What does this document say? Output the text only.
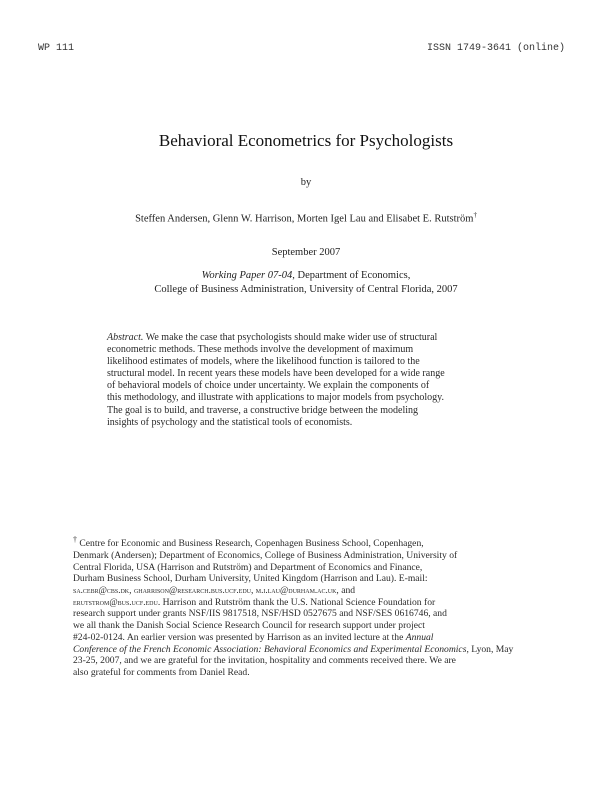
WP 111	ISSN 1749-3641 (online)
Behavioral Econometrics for Psychologists
by
Steffen Andersen, Glenn W. Harrison, Morten Igel Lau and Elisabet E. Rutström†
September 2007
Working Paper 07-04, Department of Economics,
College of Business Administration, University of Central Florida, 2007
Abstract. We make the case that psychologists should make wider use of structural
econometric methods. These methods involve the development of maximum
likelihood estimates of models, where the likelihood function is tailored to the
structural model. In recent years these models have been developed for a wide range
of behavioral models of choice under uncertainty. We explain the components of
this methodology, and illustrate with applications to major models from psychology.
The goal is to build, and traverse, a constructive bridge between the modeling
insights of psychology and the statistical tools of economists.
† Centre for Economic and Business Research, Copenhagen Business School, Copenhagen,
Denmark (Andersen); Department of Economics, College of Business Administration, University of
Central Florida, USA (Harrison and Rutström) and Department of Economics and Finance,
Durham Business School, Durham University, United Kingdom (Harrison and Lau). E-mail:
sa.cebr@cbs.dk, gharrison@research.bus.ucf.edu, m.i.lau@durham.ac.uk, and
erutstrom@bus.ucf.edu. Harrison and Rutström thank the U.S. National Science Foundation for
research support under grants NSF/IIS 9817518, NSF/HSD 0527675 and NSF/SES 0616746, and
we all thank the Danish Social Science Research Council for research support under project
#24-02-0124. An earlier version was presented by Harrison as an invited lecture at the Annual
Conference of the French Economic Association: Behavioral Economics and Experimental Economics, Lyon, May
23-25, 2007, and we are grateful for the invitation, hospitality and comments received there. We are
also grateful for comments from Daniel Read.
